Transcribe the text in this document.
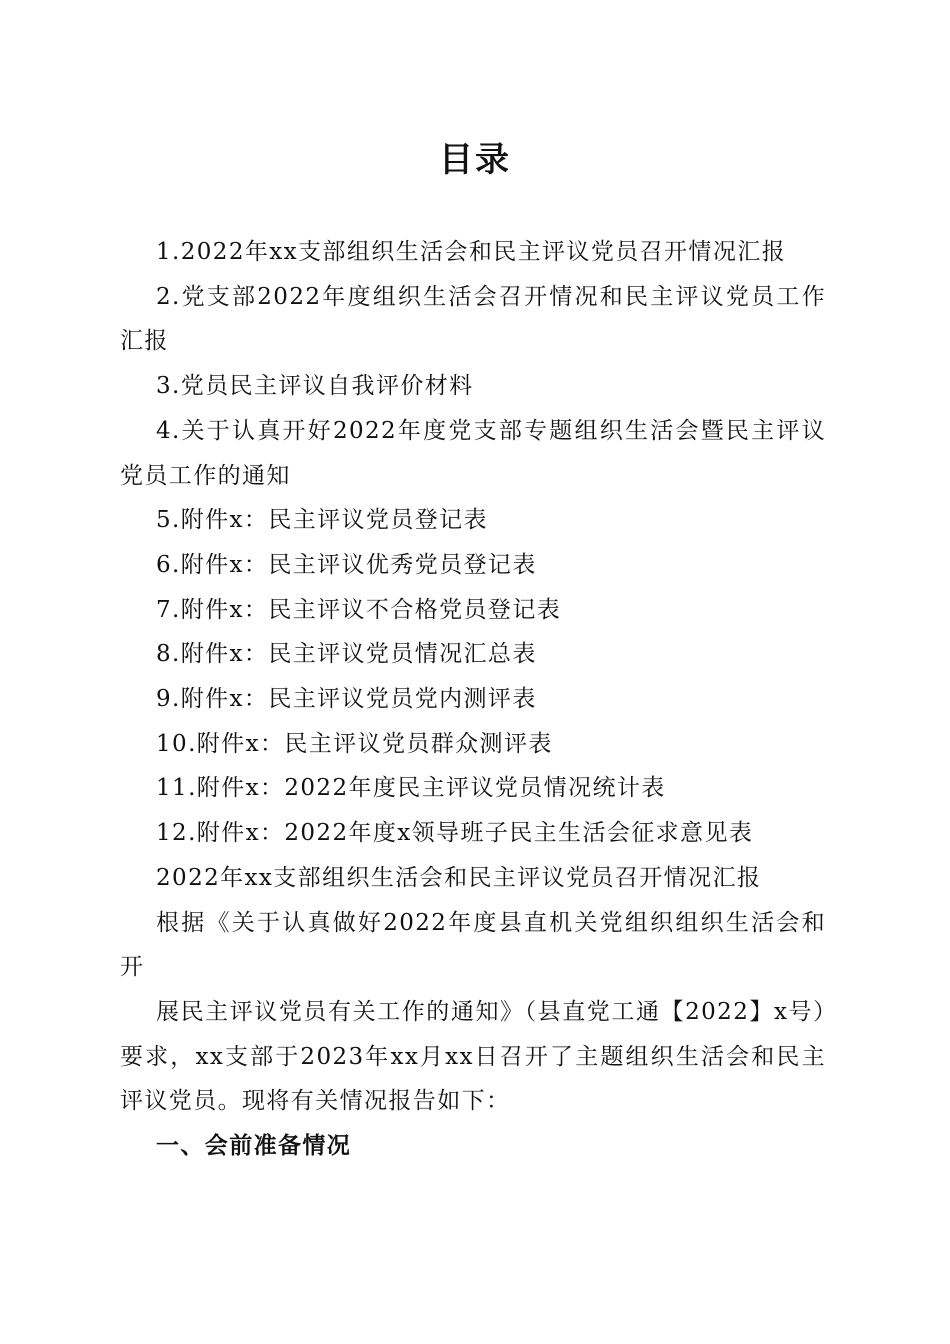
目录

1.2022年xx支部组织生活会和民主评议党员召开情况汇报

2.党支部2022年度组织生活会召开情况和民主评议党员工作汇报

3.党员民主评议自我评价材料

4.关于认真开好2022年度党支部专题组织生活会暨民主评议党员工作的通知

5.附件x：民主评议党员登记表

6.附件x：民主评议优秀党员登记表

7.附件x：民主评议不合格党员登记表

8.附件x：民主评议党员情况汇总表

9.附件x：民主评议党员党内测评表

10.附件x：民主评议党员群众测评表

11.附件x：2022年度民主评议党员情况统计表

12.附件x：2022年度x领导班子民主生活会征求意见表

2022年xx支部组织生活会和民主评议党员召开情况汇报

根据《关于认真做好2022年度县直机关党组织组织生活会和开

展民主评议党员有关工作的通知》（县直党工通【2022】x号）要求，xx支部于2023年xx月xx日召开了主题组织生活会和民主评议党员。现将有关情况报告如下：

一、会前准备情况
